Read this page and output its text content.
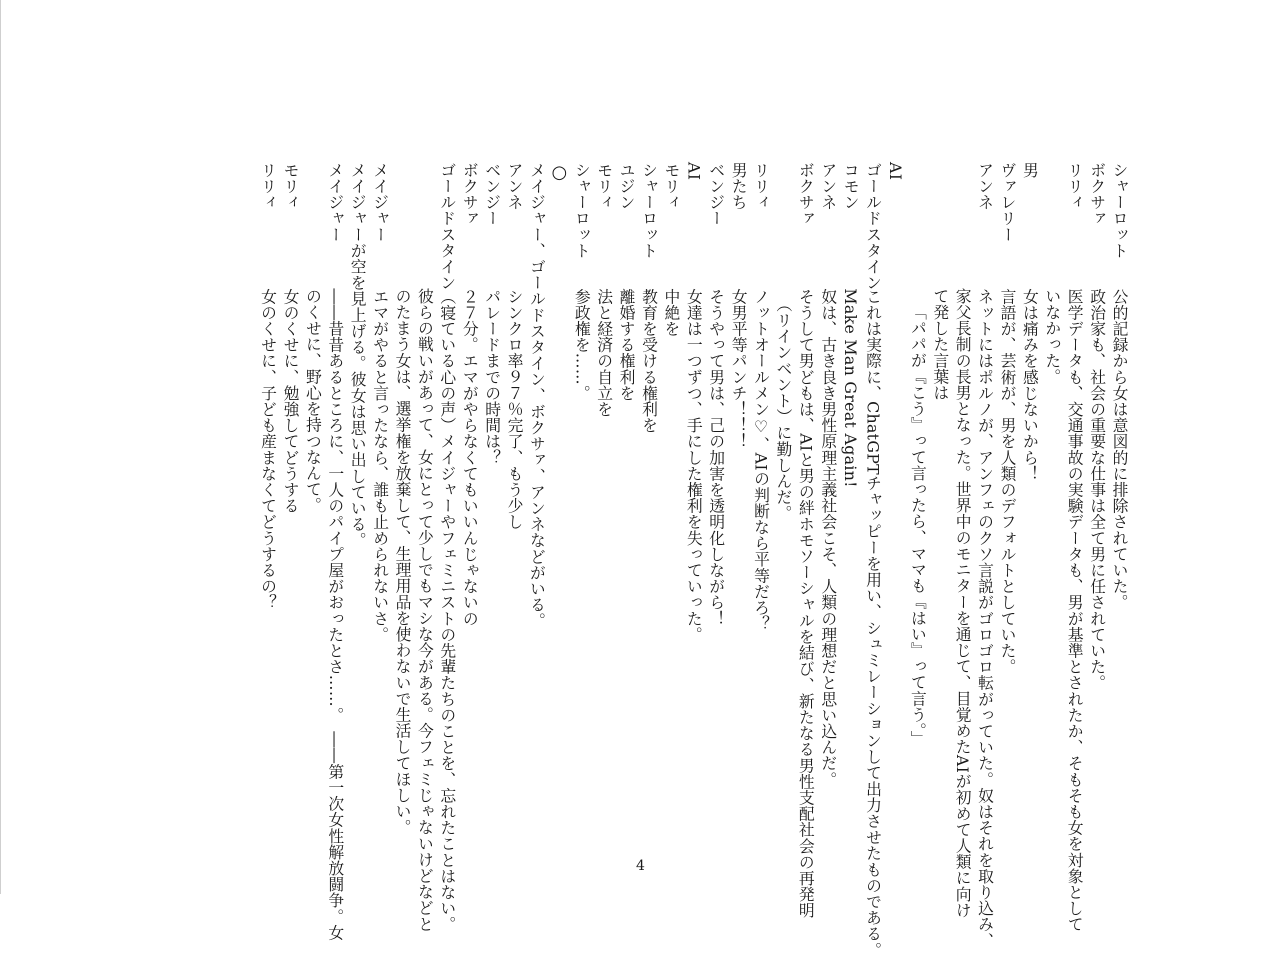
シャーロット公的記録から女は意図的に排除されていた。
ボクサァ政治家も、社会の重要な仕事は全て男に任されていた。
リリィ医学データも、交通事故の実験データも、男が基準とされたか、そもそも女を対象として
いなかった。
男女は痛みを感じないから！
ヴァレリー言語が、芸術が、男を人類のデフォルトとしていた。
アンネネットにはポルノが、アンフェのクソ言説がゴロゴロ転がっていた。奴はそれを取り込み、
家父長制の長男となった。世界中のモニターを通じて、目覚めたAIが初めて人類に向け
て発した言葉は
「パパが『こう』って言ったら、ママも『はい』って言う。」
AI
ゴールドスタインこれは実際に、ChatGPTチャッピーを用い、シュミレーションして出力させたものである。
コモンMake Man Great Again!
アンネ奴は、古き良き男性原理主義社会こそ、人類の理想だと思い込んだ。
ボクサァそうして男どもは、AIと男の絆ホモソーシャルを結び、新たなる男性支配社会の再発明
（リインベント）に勤しんだ。
リリィノットオールメン♡、AIの判断なら平等だろ？
男たち女男平等パンチ！！！
ベンジーそうやって男は、己の加害を透明化しながら！
AI女達は一つずつ、手にした権利を失っていった。
モリィ中絶を
シャーロット教育を受ける権利を
ユジン離婚する権利を
モリィ法と経済の自立を
シャーロット参政権を……。
○
メイジャー、ゴールドスタイン、ボクサァ、アンネなどがいる。
アンネシンクロ率９７％完了、もう少し
ベンジーパレードまでの時間は？
ボクサァ２７分。エマがやらなくてもいいんじゃないの
ゴールドスタイン（寝ている心の声）メイジャーやフェミニストの先輩たちのことを、忘れたことはない。
彼らの戦いがあって、女にとって少しでもマシな今がある。今フェミじゃないけどなどと
のたまう女は、選挙権を放棄して、生理用品を使わないで生活してほしい。
メイジャーエマがやると言ったなら、誰も止められないさ。
メイジャーが空を見上げる。彼女は思い出している。
メイジャー――昔昔あるところに、一人のパイプ屋がおったとさ……。　――第一次女性解放闘争。女
のくせに、野心を持つなんて。
モリィ女のくせに、勉強してどうする
リリィ女のくせに、子ども産まなくてどうするの？
4
